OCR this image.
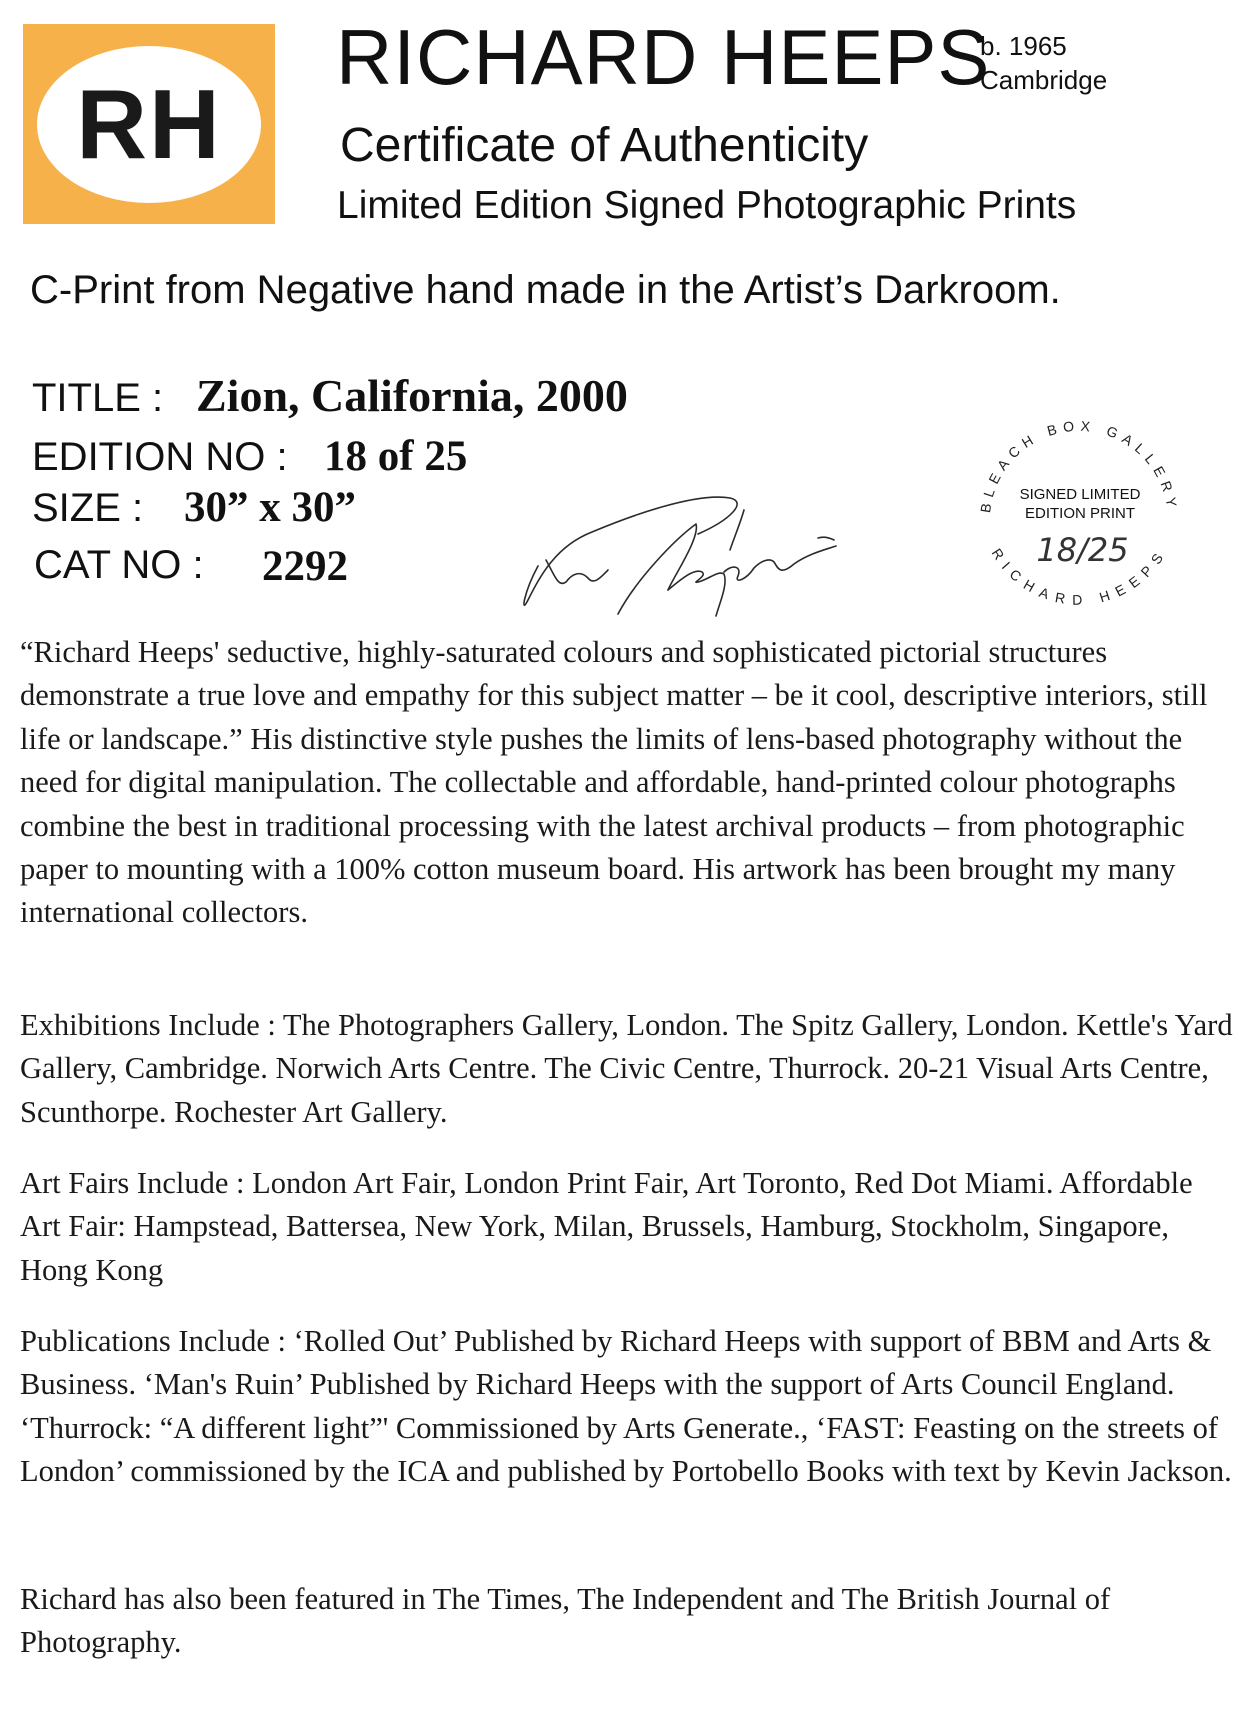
RH
RICHARD HEEPS
b. 1965
Cambridge
Certificate of Authenticity
Limited Edition Signed Photographic Prints
C-Print from Negative hand made in the Artist’s Darkroom.
TITLE : Zion, California, 2000
EDITION NO : 18 of 25
SIZE : 30” x 30”
CAT NO : 2292
BLEACH BOX GALLERY
RICHARD HEEPS
SIGNED LIMITED
EDITION PRINT
18/25
“Richard Heeps' seductive, highly-saturated colours and sophisticated pictorial structures demonstrate a true love and empathy for this subject matter – be it cool, descriptive interiors, still life or landscape.” His distinctive style pushes the limits of lens-based photography without the need for digital manipulation. The collectable and affordable, hand-printed colour photographs combine the best in traditional processing with the latest archival products – from photographic paper to mounting with a 100% cotton museum board. His artwork has been brought my many international collectors.
Exhibitions Include : The Photographers Gallery, London. The Spitz Gallery, London. Kettle's Yard Gallery, Cambridge. Norwich Arts Centre. The Civic Centre, Thurrock. 20-21 Visual Arts Centre, Scunthorpe. Rochester Art Gallery.
Art Fairs Include : London Art Fair, London Print Fair, Art Toronto, Red Dot Miami. Affordable Art Fair: Hampstead, Battersea, New York, Milan, Brussels, Hamburg, Stockholm, Singapore, Hong Kong
Publications Include : ‘Rolled Out’ Published by Richard Heeps with support of BBM and Arts & Business. ‘Man's Ruin’ Published by Richard Heeps with the support of Arts Council England. ‘Thurrock: “A different light”' Commissioned by Arts Generate., ‘FAST: Feasting on the streets of London’ commissioned by the ICA and published by Portobello Books with text by Kevin Jackson.
Richard has also been featured in The Times, The Independent and The British Journal of Photography.
